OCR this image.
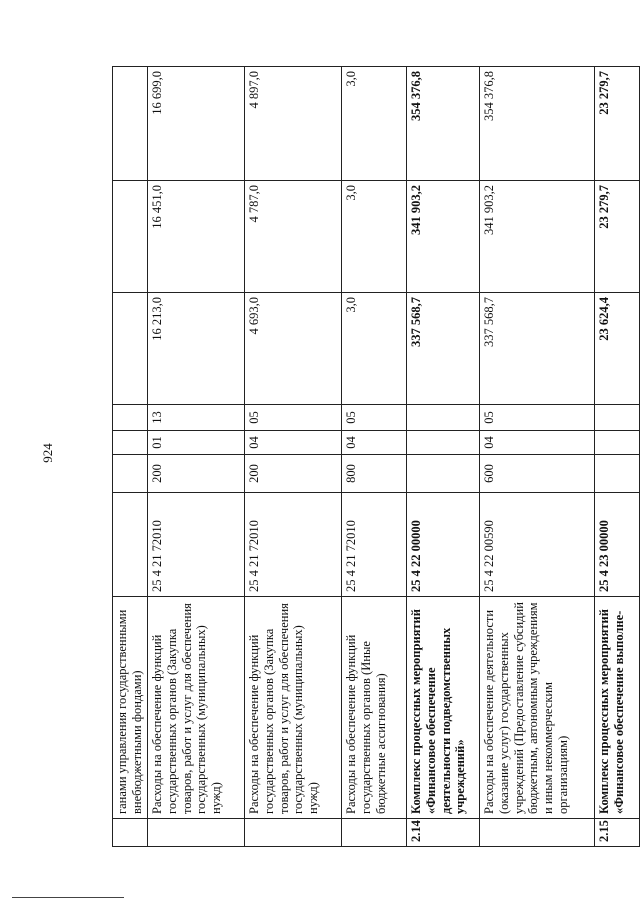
924
	ганами управления государственными внебюджетными фондами)							
	Расходы на обеспечение функций государственных органов (Закупка товаров, работ и услуг для обеспечения государственных (муниципальных) нужд)	25 4 21 72010	200	01	13	16 213,0	16 451,0	16 699,0
	Расходы на обеспечение функций государственных органов (Закупка товаров, работ и услуг для обеспечения государственных (муниципальных) нужд)	25 4 21 72010	200	04	05	4 693,0	4 787,0	4 897,0
	Расходы на обеспечение функций государственных органов (Иные бюджетные ассигнования)	25 4 21 72010	800	04	05	3,0	3,0	3,0
2.14	Комплекс процессных мероприятий «Финансовое обеспечение деятельности подведомственных учреждений»	25 4 22 00000				337 568,7	341 903,2	354 376,8
	Расходы на обеспечение деятельности (оказание услуг) государственных учреждений (Предоставление субсидий бюджетным, автономным учреждениям и иным некоммерческим организациям)	25 4 22 00590	600	04	05	337 568,7	341 903,2	354 376,8
2.15	Комплекс процессных мероприятий «Финансовое обеспечение выполне-	25 4 23 00000				23 624,4	23 279,7	23 279,7
